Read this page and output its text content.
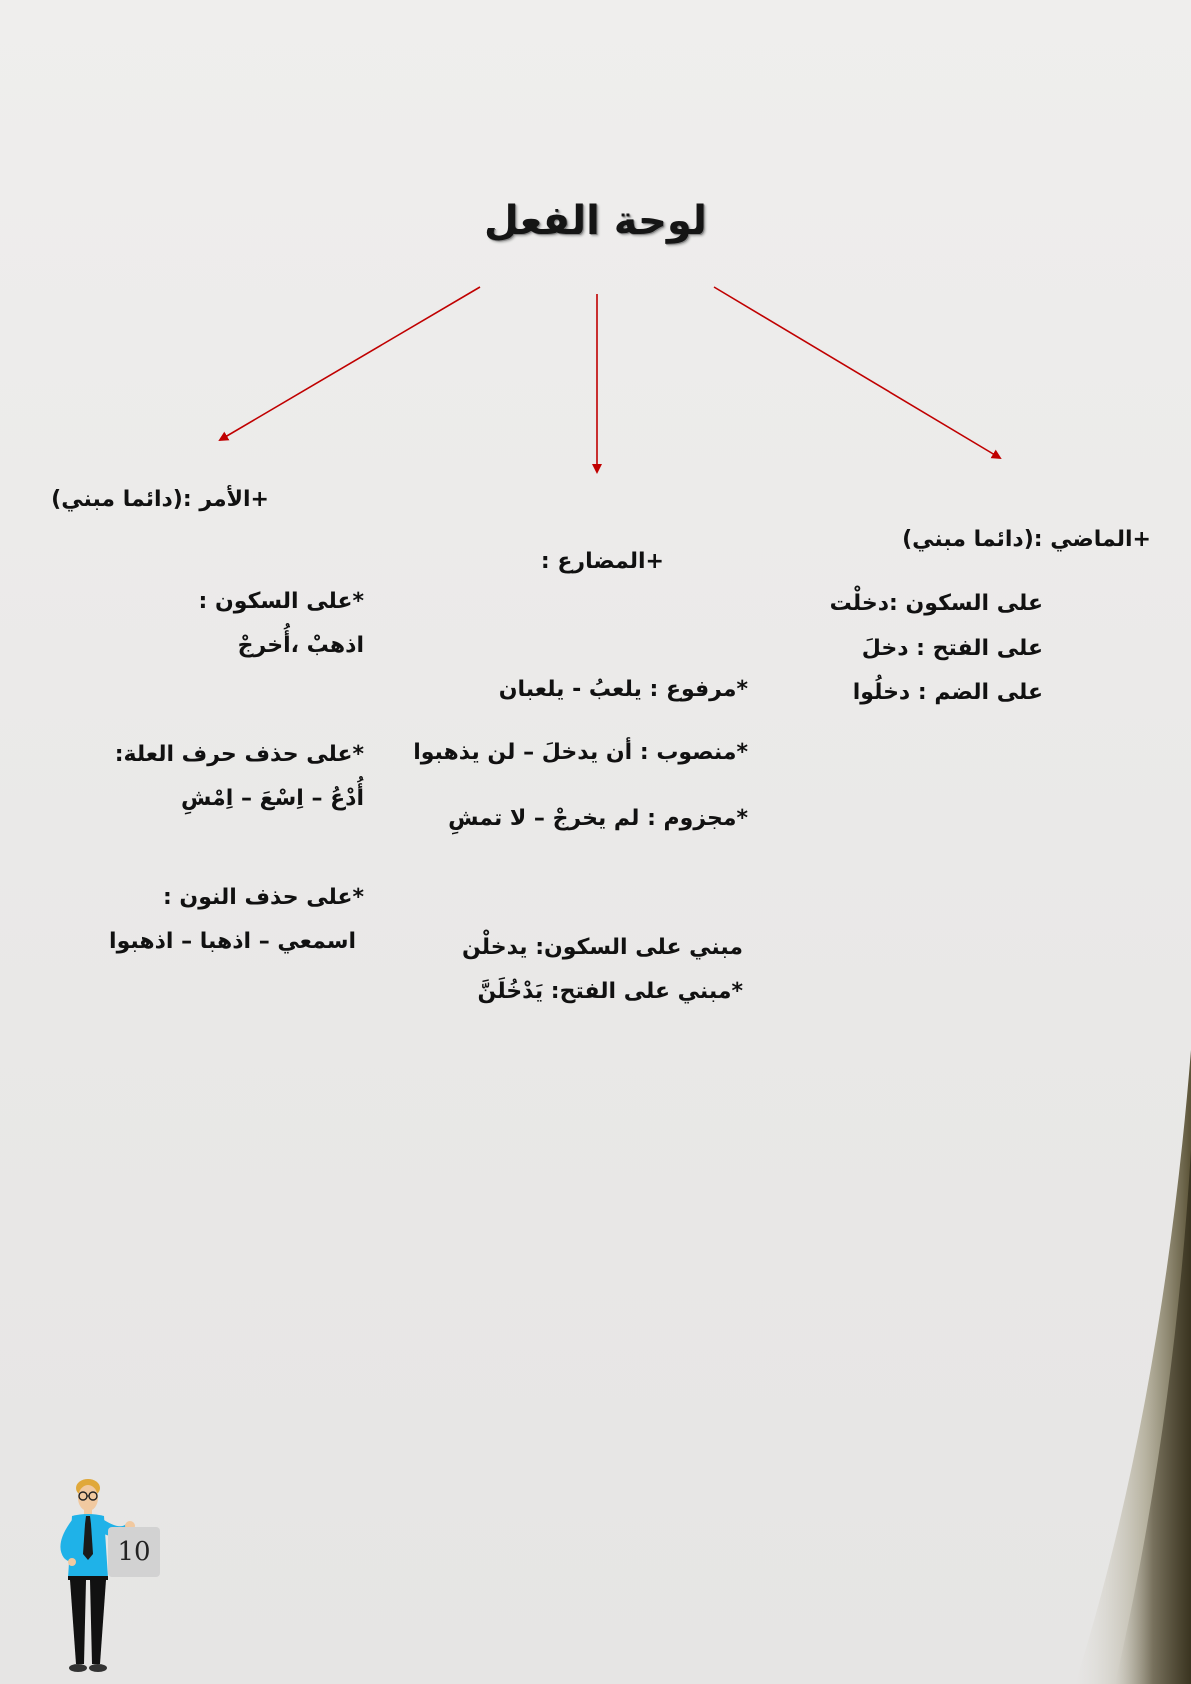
لوحة الفعل
+الماضي :(دائما مبني)
على السكون :دخلْت
على الفتح : دخلَ
على الضم : دخلُوا
+المضارع :
*مرفوع : يلعبُ - يلعبان
*منصوب : أن يدخلَ – لن يذهبوا
*مجزوم : لم يخرجْ – لا تمشِ
مبني على السكون: يدخلْن
*مبني على الفتح: يَدْخُلَنَّ
+الأمر :(دائما مبني)
*على السكون :
اذهبْ ،أُخرجْ
*على حذف حرف العلة:
أُدْعُ – اِسْعَ – اِمْشِ
*على حذف النون :
اسمعي – اذهبا – اذهبوا
10
